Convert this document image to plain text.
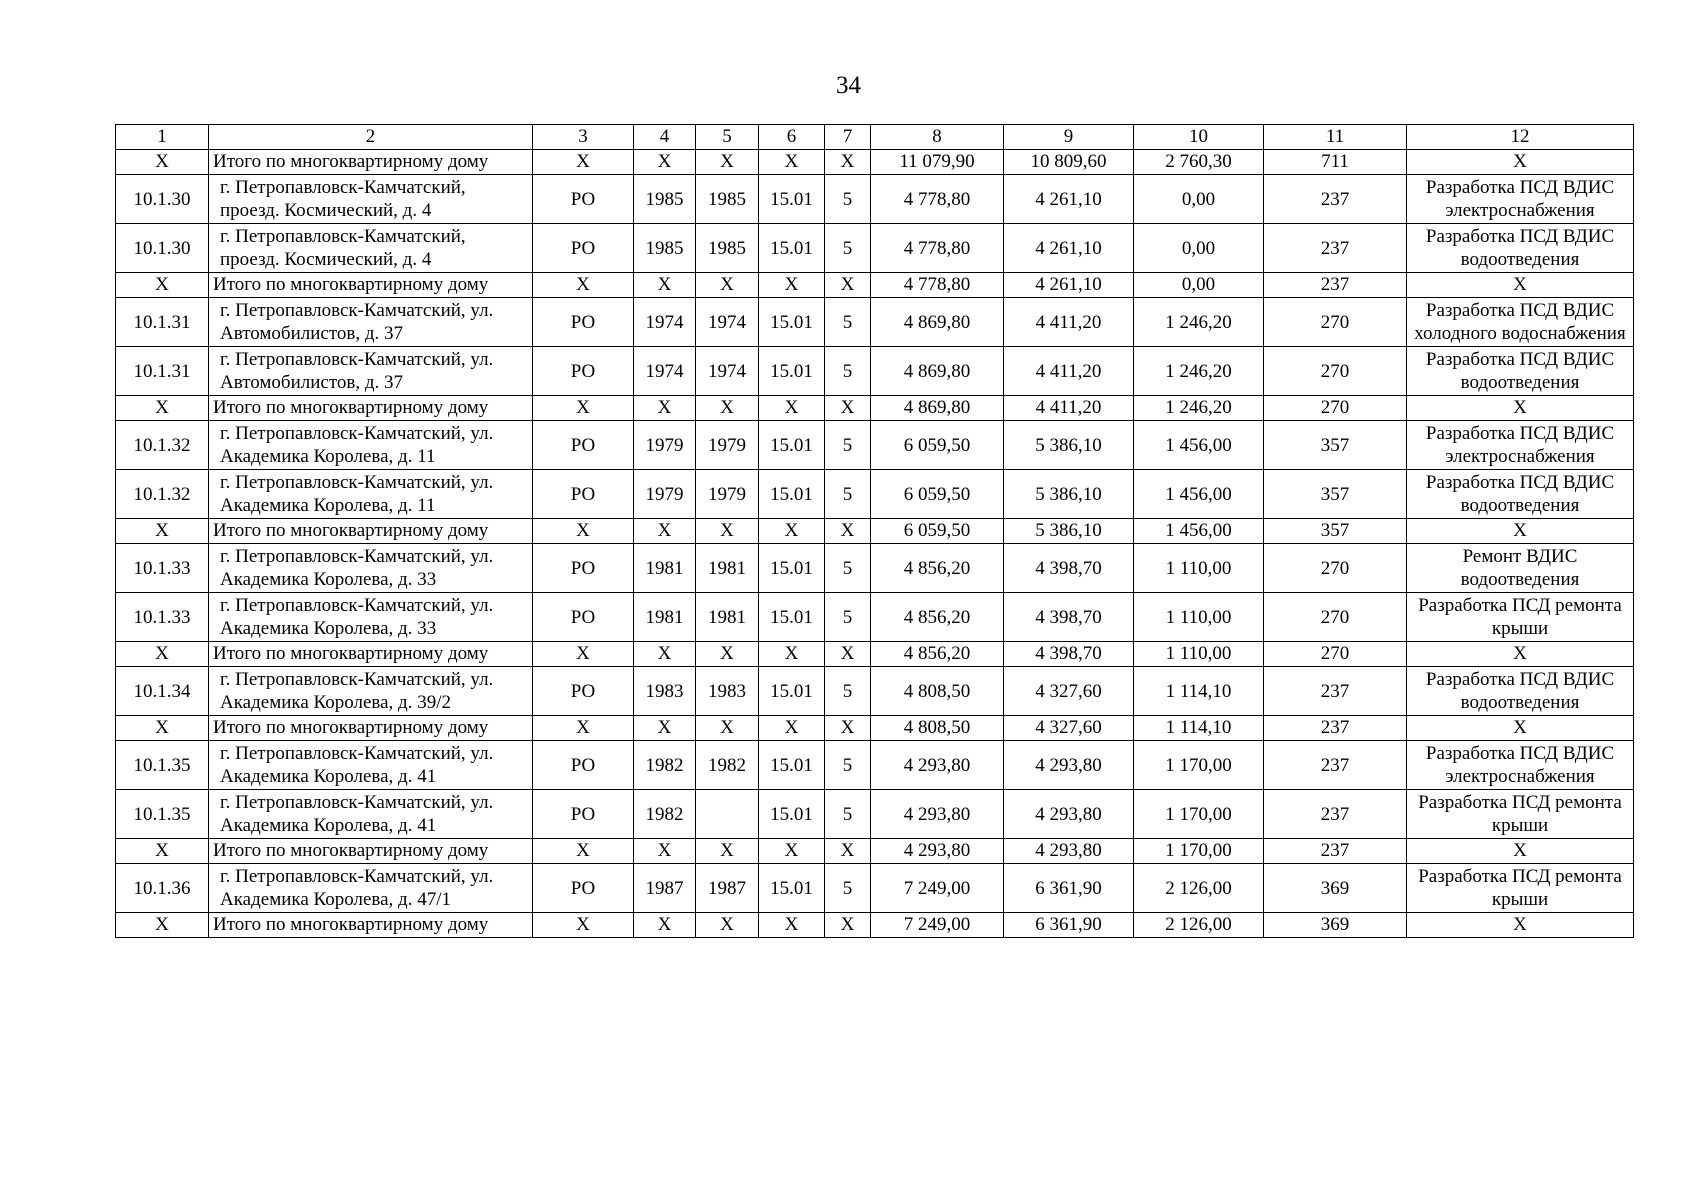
34
1	2	3	4	5	6	7	8	9	10	11	12
Х	Итого по многоквартирному дому	Х	Х	Х	Х	Х	11 079,90	10 809,60	2 760,30	711	Х
10.1.30	г. Петропавловск-Камчатский, проезд. Космический, д. 4	РО	1985	1985	15.01	5	4 778,80	4 261,10	0,00	237	Разработка ПСД ВДИС электроснабжения
10.1.30	г. Петропавловск-Камчатский, проезд. Космический, д. 4	РО	1985	1985	15.01	5	4 778,80	4 261,10	0,00	237	Разработка ПСД ВДИС водоотведения
Х	Итого по многоквартирному дому	Х	Х	Х	Х	Х	4 778,80	4 261,10	0,00	237	Х
10.1.31	г. Петропавловск-Камчатский, ул. Автомобилистов, д. 37	РО	1974	1974	15.01	5	4 869,80	4 411,20	1 246,20	270	Разработка ПСД ВДИС холодного водоснабжения
10.1.31	г. Петропавловск-Камчатский, ул. Автомобилистов, д. 37	РО	1974	1974	15.01	5	4 869,80	4 411,20	1 246,20	270	Разработка ПСД ВДИС водоотведения
Х	Итого по многоквартирному дому	Х	Х	Х	Х	Х	4 869,80	4 411,20	1 246,20	270	Х
10.1.32	г. Петропавловск-Камчатский, ул. Академика Королева, д. 11	РО	1979	1979	15.01	5	6 059,50	5 386,10	1 456,00	357	Разработка ПСД ВДИС электроснабжения
10.1.32	г. Петропавловск-Камчатский, ул. Академика Королева, д. 11	РО	1979	1979	15.01	5	6 059,50	5 386,10	1 456,00	357	Разработка ПСД ВДИС водоотведения
Х	Итого по многоквартирному дому	Х	Х	Х	Х	Х	6 059,50	5 386,10	1 456,00	357	Х
10.1.33	г. Петропавловск-Камчатский, ул. Академика Королева, д. 33	РО	1981	1981	15.01	5	4 856,20	4 398,70	1 110,00	270	Ремонт ВДИС водоотведения
10.1.33	г. Петропавловск-Камчатский, ул. Академика Королева, д. 33	РО	1981	1981	15.01	5	4 856,20	4 398,70	1 110,00	270	Разработка ПСД ремонта крыши
Х	Итого по многоквартирному дому	Х	Х	Х	Х	Х	4 856,20	4 398,70	1 110,00	270	Х
10.1.34	г. Петропавловск-Камчатский, ул. Академика Королева, д. 39/2	РО	1983	1983	15.01	5	4 808,50	4 327,60	1 114,10	237	Разработка ПСД ВДИС водоотведения
Х	Итого по многоквартирному дому	Х	Х	Х	Х	Х	4 808,50	4 327,60	1 114,10	237	Х
10.1.35	г. Петропавловск-Камчатский, ул. Академика Королева, д. 41	РО	1982	1982	15.01	5	4 293,80	4 293,80	1 170,00	237	Разработка ПСД ВДИС электроснабжения
10.1.35	г. Петропавловск-Камчатский, ул. Академика Королева, д. 41	РО	1982		15.01	5	4 293,80	4 293,80	1 170,00	237	Разработка ПСД ремонта крыши
Х	Итого по многоквартирному дому	Х	Х	Х	Х	Х	4 293,80	4 293,80	1 170,00	237	Х
10.1.36	г. Петропавловск-Камчатский, ул. Академика Королева, д. 47/1	РО	1987	1987	15.01	5	7 249,00	6 361,90	2 126,00	369	Разработка ПСД ремонта крыши
Х	Итого по многоквартирному дому	Х	Х	Х	Х	Х	7 249,00	6 361,90	2 126,00	369	Х
